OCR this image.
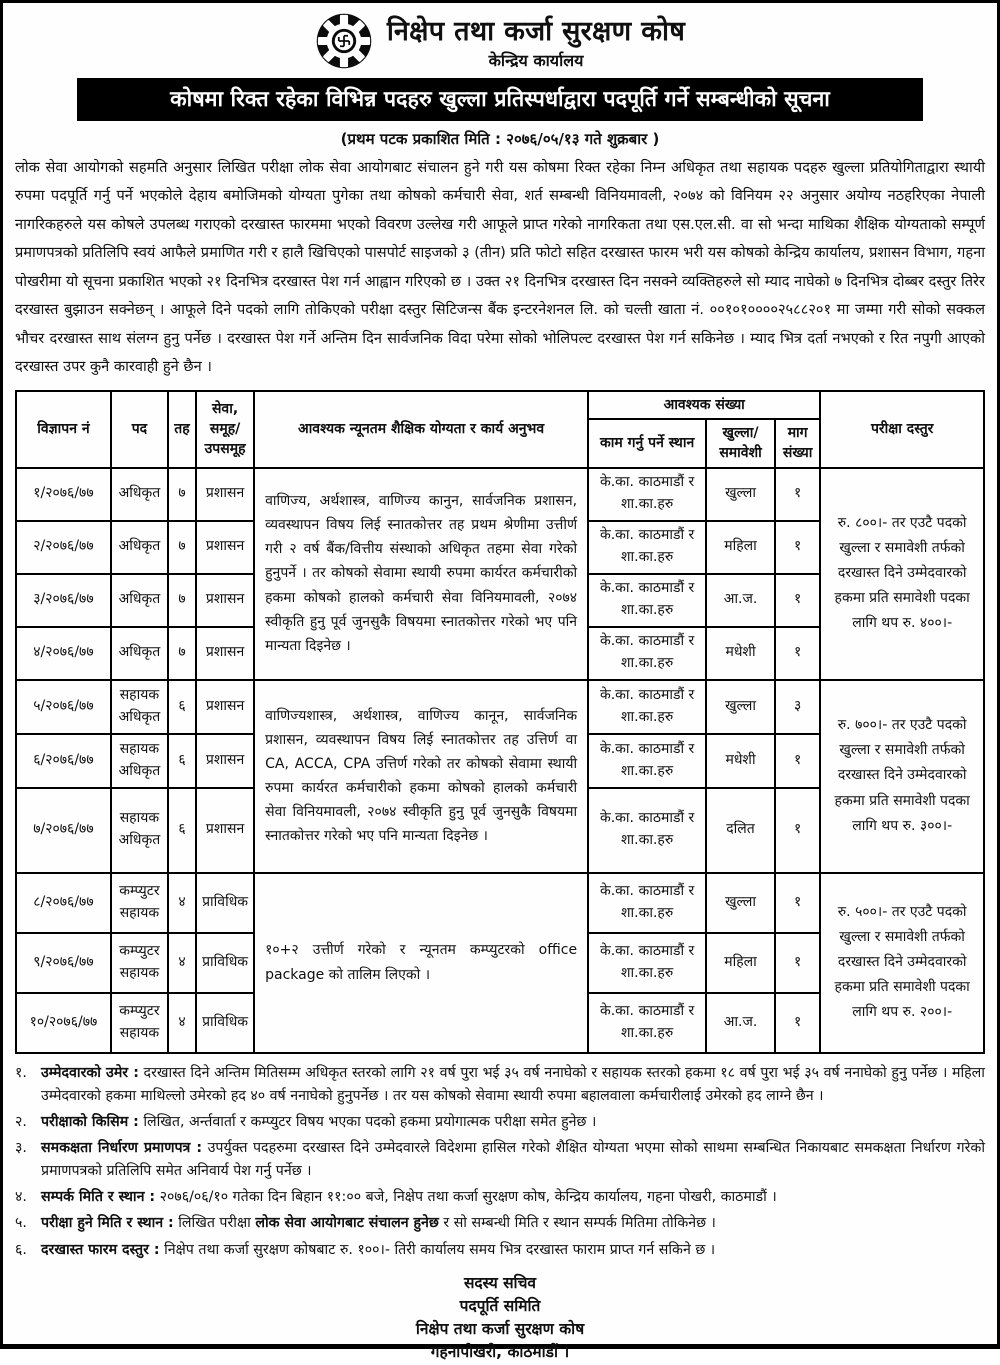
निक्षेप तथा कर्जा सुरक्षण कोष
केन्द्रिय कार्यालय
कोषमा रिक्त रहेका विभिन्न पदहरु खुल्ला प्रतिस्पर्धाद्वारा पदपूर्ति गर्ने सम्बन्धीको सूचना
(प्रथम पटक प्रकाशित मिति : २०७६/०५/१३ गते शुक्रबार )
लोक सेवा आयोगको सहमति अनुसार लिखित परीक्षा लोक सेवा आयोगबाट संचालन हुने गरी यस कोषमा रिक्त रहेका निम्न अधिकृत तथा सहायक पदहरु खुल्ला प्रतियोगिताद्वारा स्थायी रुपमा पदपूर्ति गर्नु पर्ने भएकोले देहाय बमोजिमको योग्यता पुगेका तथा कोषको कर्मचारी सेवा, शर्त सम्बन्धी विनियमावली, २०७४ को विनियम २२ अनुसार अयोग्य नठहरिएका नेपाली नागरिकहरुले यस कोषले उपलब्ध गराएको दरखास्त फारममा भएको विवरण उल्लेख गरी आफूले प्राप्त गरेको नागरिकता तथा एस.एल.सी. वा सो भन्दा माथिका शैक्षिक योग्यताको सम्पूर्ण प्रमाणपत्रको प्रतिलिपि स्वयं आफैले प्रमाणित गरी र हालै खिचिएको पासपोर्ट साइजको ३ (तीन) प्रति फोटो सहित दरखास्त फारम भरी यस कोषको केन्द्रिय कार्यालय, प्रशासन विभाग, गहना पोखरीमा यो सूचना प्रकाशित भएको २१ दिनभित्र दरखास्त पेश गर्न आह्वान गरिएको छ । उक्त २१ दिनभित्र दरखास्त दिन नसक्ने व्यक्तिहरुले सो म्याद नाघेको ७ दिनभित्र दोब्बर दस्तुर तिरेर दरखास्त बुझाउन सक्नेछन् । आफूले दिने पदको लागि तोकिएको परीक्षा दस्तुर सिटिजन्स बैंक इन्टरनेशनल लि. को चल्ती खाता नं. ००१०१००००२५८८२०१ मा जम्मा गरी सोको सक्कल भौचर दरखास्त साथ संलग्न हुनु पर्नेछ । दरखास्त पेश गर्ने अन्तिम दिन सार्वजनिक विदा परेमा सोको भोलिपल्ट दरखास्त पेश गर्न सकिनेछ । म्याद भित्र दर्ता नभएको र रित नपुगी आएको दरखास्त उपर कुनै कारवाही हुने छैन ।
विज्ञापन नं	पद	तह	सेवा, समूह/ उपसमूह	आवश्यक न्यूनतम शैक्षिक योग्यता र कार्य अनुभव	आवश्यक संख्या			परीक्षा दस्तुर
					काम गर्नु पर्ने स्थान	खुल्ला/ समावेशी	माग संख्या	
१/२०७६/७७	अधिकृत	७	प्रशासन	वाणिज्य, अर्थशास्त्र, वाणिज्य कानुन, सार्वजनिक प्रशासन, व्यवस्थापन विषय लिई स्नातकोत्तर तह प्रथम श्रेणीमा उत्तीर्ण गरी २ वर्ष बैंक/वित्तीय संस्थाको अधिकृत तहमा सेवा गरेको हुनुपर्ने । तर कोषको सेवामा स्थायी रुपमा कार्यरत कर्मचारीको हकमा कोषको हालको कर्मचारी सेवा विनियमावली, २०७४ स्वीकृति हुनु पूर्व जुनसुकै विषयमा स्नातकोत्तर गरेको भए पनि मान्यता दिइनेछ ।	के.का. काठमाडौं र शा.का.हरु	खुल्ला	१	रु. ८००।- तर एउटै पदको खुल्ला र समावेशी तर्फको दरखास्त दिने उम्मेदवारको हकमा प्रति समावेशी पदका लागि थप रु. ४००।-
२/२०७६/७७	अधिकृत	७	प्रशासन		के.का. काठमाडौं र शा.का.हरु	महिला	१	
३/२०७६/७७	अधिकृत	७	प्रशासन		के.का. काठमाडौं र शा.का.हरु	आ.ज.	१	
४/२०७६/७७	अधिकृत	७	प्रशासन		के.का. काठमाडौं र शा.का.हरु	मधेशी	१	
५/२०७६/७७	सहायक अधिकृत	६	प्रशासन	वाणिज्यशास्त्र, अर्थशास्त्र, वाणिज्य कानून, सार्वजनिक प्रशासन, व्यवस्थापन विषय लिई स्नातकोत्तर तह उत्तिर्ण वा CA, ACCA, CPA उत्तिर्ण गरेको तर कोषको सेवामा स्थायी रुपमा कार्यरत कर्मचारीको हकमा कोषको हालको कर्मचारी सेवा विनियमावली, २०७४ स्वीकृति हुनु पूर्व जुनसुकै विषयमा स्नातकोत्तर गरेको भए पनि मान्यता दिइनेछ ।	के.का. काठमाडौं र शा.का.हरु	खुल्ला	३	रु. ७००।- तर एउटै पदको खुल्ला र समावेशी तर्फको दरखास्त दिने उम्मेदवारको हकमा प्रति समावेशी पदका लागि थप रु. ३००।-
६/२०७६/७७	सहायक अधिकृत	६	प्रशासन		के.का. काठमाडौं र शा.का.हरु	मधेशी	१	
७/२०७६/७७	सहायक अधिकृत	६	प्रशासन		के.का. काठमाडौं र शा.का.हरु	दलित	१	
८/२०७६/७७	कम्प्युटर सहायक	४	प्राविधिक	१०+२ उत्तीर्ण गरेको र न्यूनतम कम्प्युटरको office package को तालिम लिएको ।	के.का. काठमाडौं र शा.का.हरु	खुल्ला	१	रु. ५००।- तर एउटै पदको खुल्ला र समावेशी तर्फको दरखास्त दिने उम्मेदवारको हकमा प्रति समावेशी पदका लागि थप रु. २००।-
९/२०७६/७७	कम्प्युटर सहायक	४	प्राविधिक		के.का. काठमाडौं र शा.का.हरु	महिला	१	
१०/२०७६/७७	कम्प्युटर सहायक	४	प्राविधिक		के.का. काठमाडौं र शा.का.हरु	आ.ज.	१	
१. उम्मेदवारको उमेर : दरखास्त दिने अन्तिम मितिसम्म अधिकृत स्तरको लागि २१ वर्ष पुरा भई ३५ वर्ष ननाघेको र सहायक स्तरको हकमा १८ वर्ष पुरा भई ३५ वर्ष ननाघेको हुनु पर्नेछ । महिला उम्मेदवारको हकमा माथिल्लो उमेरको हद ४० वर्ष ननाघेको हुनुपर्नेछ । तर यस कोषको सेवामा स्थायी रुपमा बहालवाला कर्मचारीलाई उमेरको हद लाग्ने छैन ।
२. परीक्षाको किसिम : लिखित, अर्न्तवार्ता र कम्प्युटर विषय भएका पदको हकमा प्रयोगात्मक परीक्षा समेत हुनेछ ।
३. समकक्षता निर्धारण प्रमाणपत्र : उपर्युक्त पदहरुमा दरखास्त दिने उम्मेदवारले विदेशमा हासिल गरेको शैक्षित योग्यता भएमा सोको साथमा सम्बन्धित निकायबाट समकक्षता निर्धारण गरेको प्रमाणपत्रको प्रतिलिपि समेत अनिवार्य पेश गर्नु पर्नेछ ।
४. सम्पर्क मिति र स्थान : २०७६/०६/१० गतेका दिन बिहान ११:०० बजे, निक्षेप तथा कर्जा सुरक्षण कोष, केन्द्रिय कार्यालय, गहना पोखरी, काठमाडौं ।
५. परीक्षा हुने मिति र स्थान : लिखित परीक्षा लोक सेवा आयोगबाट संचालन हुनेछ र सो सम्बन्धी मिति र स्थान सम्पर्क मितिमा तोकिनेछ ।
६. दरखास्त फारम दस्तुर : निक्षेप तथा कर्जा सुरक्षण कोषबाट रु. १००।- तिरी कार्यालय समय भित्र दरखास्त फाराम प्राप्त गर्न सकिने छ ।
सदस्य सचिव
पदपूर्ति समिति
निक्षेप तथा कर्जा सुरक्षण कोष
गहनापोखरी, काठमाडौं ।
